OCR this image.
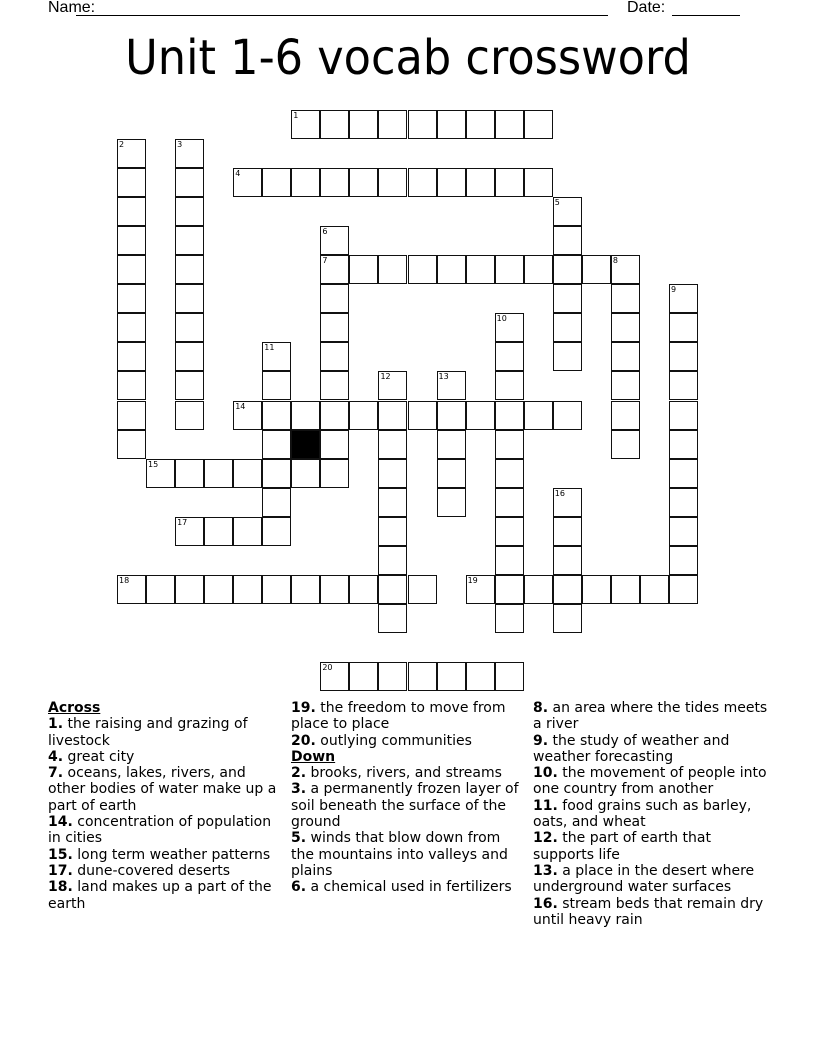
Name:	Date:
Unit 1-6 vocab crossword
1
2	3
4
5
6
7	8
9
10
11
12	13
14
15
16
17
18	19
20
Across
1. the raising and grazing of livestock
4. great city
7. oceans, lakes, rivers, and other bodies of water make up a part of earth
14. concentration of population in cities
15. long term weather patterns
17. dune-covered deserts
18. land makes up a part of the earth
19. the freedom to move from place to place
20. outlying communities
Down
2. brooks, rivers, and streams
3. a permanently frozen layer of soil beneath the surface of the ground
5. winds that blow down from the mountains into valleys and plains
6. a chemical used in fertilizers
8. an area where the tides meets a river
9. the study of weather and weather forecasting
10. the movement of people into one country from another
11. food grains such as barley, oats, and wheat
12. the part of earth that supports life
13. a place in the desert where underground water surfaces
16. stream beds that remain dry until heavy rain
